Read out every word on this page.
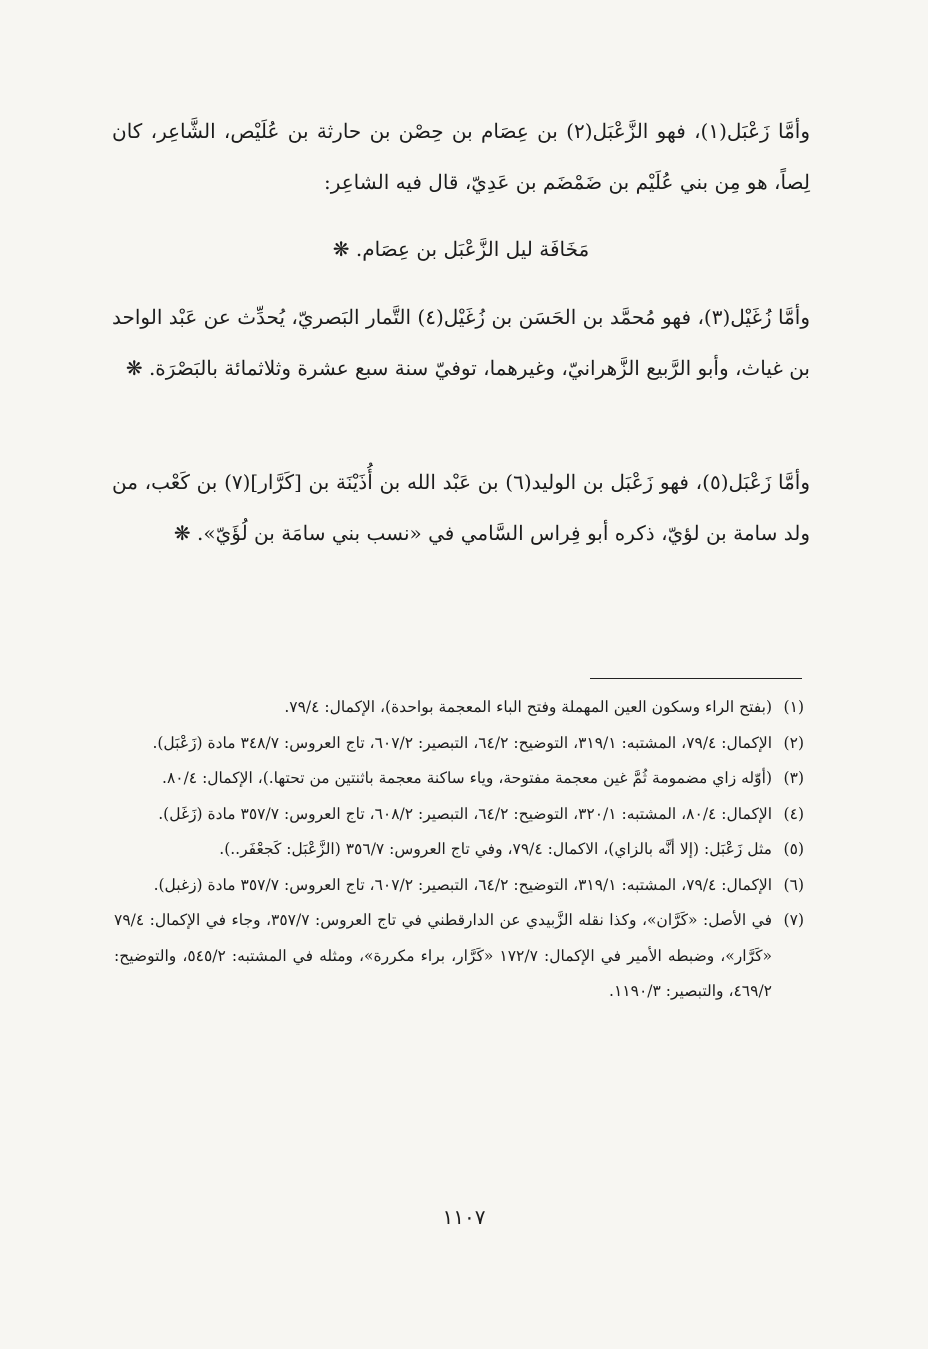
وأمَّا زَعْبَل(١)، فهو الزَّعْبَل(٢) بن عِصَام بن حِصْن بن حارثة بن عُلَيْص، الشَّاعِر، كان لِصاً، هو مِن بني عُلَيْم بن ضَمْضَم بن عَدِيّ، قال فيه الشاعِر:

مَخَافَة ليل الزَّعْبَل بن عِصَام. ❋

وأمَّا زُغَيْل(٣)، فهو مُحمَّد بن الحَسَن بن زُغَيْل(٤) التَّمار البَصريّ، يُحدِّث عن عَبْد الواحد بن غياث، وأبو الرَّبيع الزَّهرانيّ، وغيرهما، توفيّ سنة سبع عشرة وثلاثمائة بالبَصْرَة. ❋

وأمَّا زَعْبَل(٥)، فهو زَعْبَل بن الوليد(٦) بن عَبْد الله بن أُذَيْنَة بن [كَرَّار](٧) بن كَعْب، من ولد سامة بن لؤيّ، ذكره أبو فِراس السَّامي في «نسب بني سامَة بن لُؤَيّ». ❋

(١)
(بفتح الراء وسكون العين المهملة وفتح الباء المعجمة بواحدة)، الإكمال: ٧٩/٤.
(٢)
الإكمال: ٧٩/٤، المشتبه: ٣١٩/١، التوضيح: ٦٤/٢، التبصير: ٦٠٧/٢، تاج العروس: ٣٤٨/٧ مادة (زَعْبَل).
(٣)
(أوّله زاي مضمومة ثُمَّ غين معجمة مفتوحة، وياء ساكنة معجمة باثنتين من تحتها.)، الإكمال: ٨٠/٤.
(٤)
الإكمال: ٨٠/٤، المشتبه: ٣٢٠/١، التوضيح: ٦٤/٢، التبصير: ٦٠٨/٢، تاج العروس: ٣٥٧/٧ مادة (زَغَل).
(٥)
مثل زَعْبَل: (إلا أنَّه بالزاي)، الاكمال: ٧٩/٤، وفي تاج العروس: ٣٥٦/٧ (الزَّعْبَل: كَجعْفَر..).
(٦)
الإكمال: ٧٩/٤، المشتبه: ٣١٩/١، التوضيح: ٦٤/٢، التبصير: ٦٠٧/٢، تاج العروس: ٣٥٧/٧ مادة (زغبل).
(٧)
في الأصل: «كَرَّان»، وكذا نقله الزَّبيدي عن الدارقطني في تاج العروس: ٣٥٧/٧، وجاء في الإكمال: ٧٩/٤ «كَرَّار»، وضبطه الأمير في الإكمال: ١٧٢/٧ «كَرَّار، براء مكررة»، ومثله في المشتبه: ٥٤٥/٢، والتوضيح: ٤٦٩/٢، والتبصير: ١١٩٠/٣.
١١٠٧
